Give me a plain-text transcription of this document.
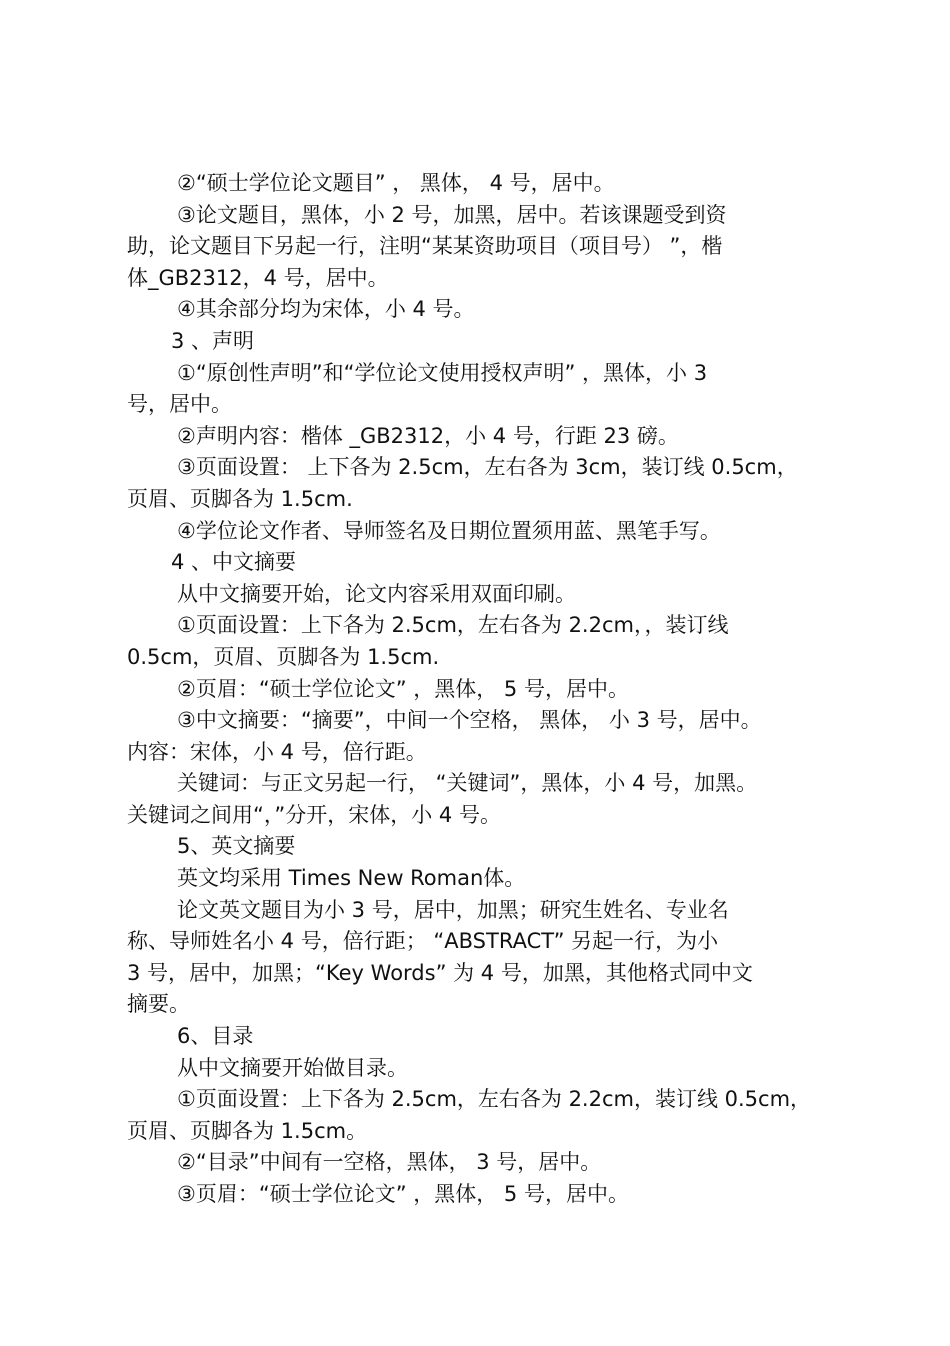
②“硕士学位论文题目” ， 黑体， 4 号，居中。
③论文题目，黑体，小 2 号，加黑，居中。若该课题受到资
助，论文题目下另起一行，注明“某某资助项目（项目号） ”，楷
体_GB2312，4 号，居中。
④其余部分均为宋体，小 4 号。
3 、声明
①“原创性声明”和“学位论文使用授权声明” ，黑体，小 3
号，居中。
②声明内容：楷体 _GB2312，小 4 号，行距 23 磅。
③页面设置： 上下各为 2.5cm，左右各为 3cm，装订线 0.5cm，
页眉、页脚各为 1.5cm.
④学位论文作者、导师签名及日期位置须用蓝、黑笔手写。
4 、中文摘要
从中文摘要开始，论文内容采用双面印刷。
①页面设置：上下各为 2.5cm，左右各为 2.2cm，，装订线
0.5cm，页眉、页脚各为 1.5cm.
②页眉：“硕士学位论文” ，黑体， 5 号，居中。
③中文摘要：“摘要”，中间一个空格， 黑体， 小 3 号，居中。
内容：宋体，小 4 号，倍行距。
关键词：与正文另起一行， “关键词”，黑体，小 4 号，加黑。
关键词之间用“，”分开，宋体，小 4 号。
5、英文摘要
英文均采用 Times New Roman体。
论文英文题目为小 3 号，居中，加黑；研究生姓名、专业名
称、导师姓名小 4 号，倍行距； “ABSTRACT” 另起一行，为小
3 号，居中，加黑；“Key Words” 为 4 号，加黑，其他格式同中文
摘要。
6、目录
从中文摘要开始做目录。
①页面设置：上下各为 2.5cm，左右各为 2.2cm，装订线 0.5cm，
页眉、页脚各为 1.5cm。
②“目录”中间有一空格，黑体， 3 号，居中。
③页眉：“硕士学位论文” ，黑体， 5 号，居中。
